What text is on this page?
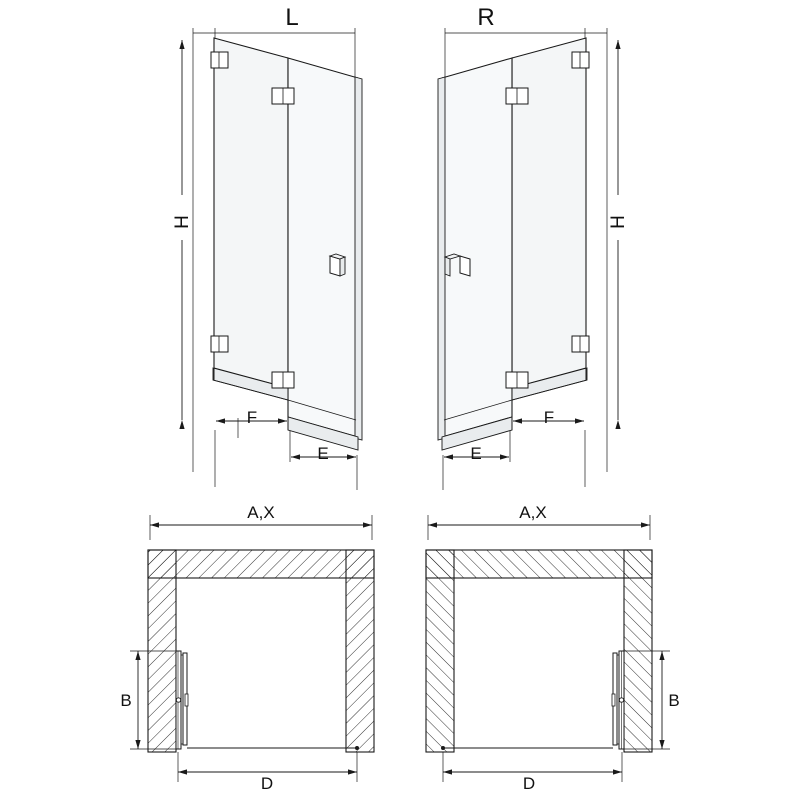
H
F
E
L
H
F
E
R
A,X
B
D
A,X
B
D
